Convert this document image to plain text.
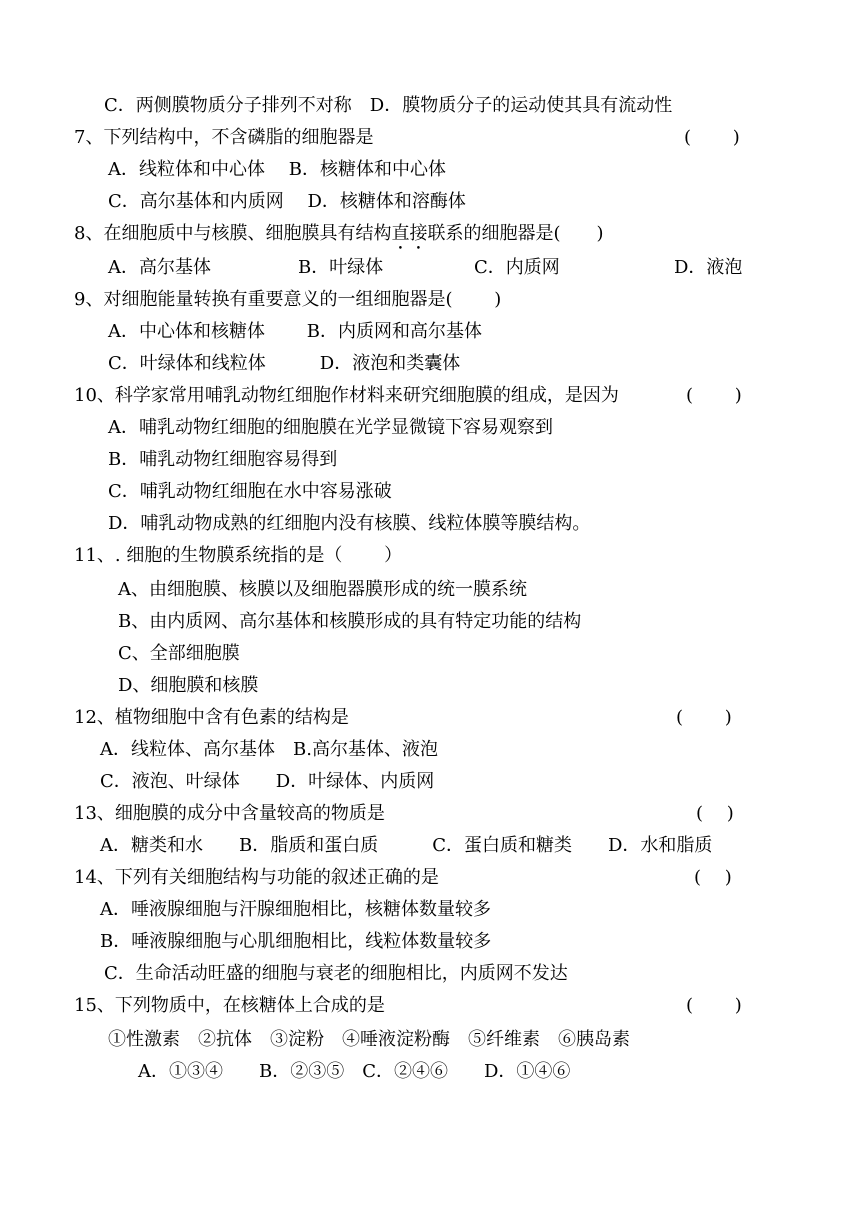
C．两侧膜物质分子排列不对称　D．膜物质分子的运动使其具有流动性
7、下列结构中，不含磷脂的细胞器是	(　　 )
A．线粒体和中心体　 B．核糖体和中心体
C．高尔基体和内质网　 D．核糖体和溶酶体
8、在细胞质中与核膜、细胞膜具有结构直接联系的细胞器是(　　)
A．高尔基体	B．叶绿体	C．内质网	D．液泡
9、对细胞能量转换有重要意义的一组细胞器是(　　 )
A．中心体和核糖体　　 B．内质网和高尔基体
C．叶绿体和线粒体　　　D．液泡和类囊体
10、科学家常用哺乳动物红细胞作材料来研究细胞膜的组成，是因为	(　　 )
A．哺乳动物红细胞的细胞膜在光学显微镜下容易观察到
B．哺乳动物红细胞容易得到
C．哺乳动物红细胞在水中容易涨破
D．哺乳动物成熟的红细胞内没有核膜、线粒体膜等膜结构。
11、. 细胞的生物膜系统指的是（　　 ）
A、由细胞膜、核膜以及细胞器膜形成的统一膜系统
B、由内质网、高尔基体和核膜形成的具有特定功能的结构
C、全部细胞膜
D、细胞膜和核膜
12、植物细胞中含有色素的结构是	(　　 )
A．线粒体、高尔基体　B.高尔基体、液泡
C．液泡、叶绿体　　D．叶绿体、内质网
13、细胞膜的成分中含量较高的物质是	(　 )
A．糖类和水　　B．脂质和蛋白质　　　C．蛋白质和糖类　　D．水和脂质
14、下列有关细胞结构与功能的叙述正确的是	(　 )
A．唾液腺细胞与汗腺细胞相比，核糖体数量较多
B．唾液腺细胞与心肌细胞相比，线粒体数量较多
C．生命活动旺盛的细胞与衰老的细胞相比，内质网不发达
15、下列物质中，在核糖体上合成的是	(　　 )
①性激素　②抗体　③淀粉　④唾液淀粉酶　⑤纤维素　⑥胰岛素
A．①③④　　B．②③⑤　C．②④⑥　　D．①④⑥
